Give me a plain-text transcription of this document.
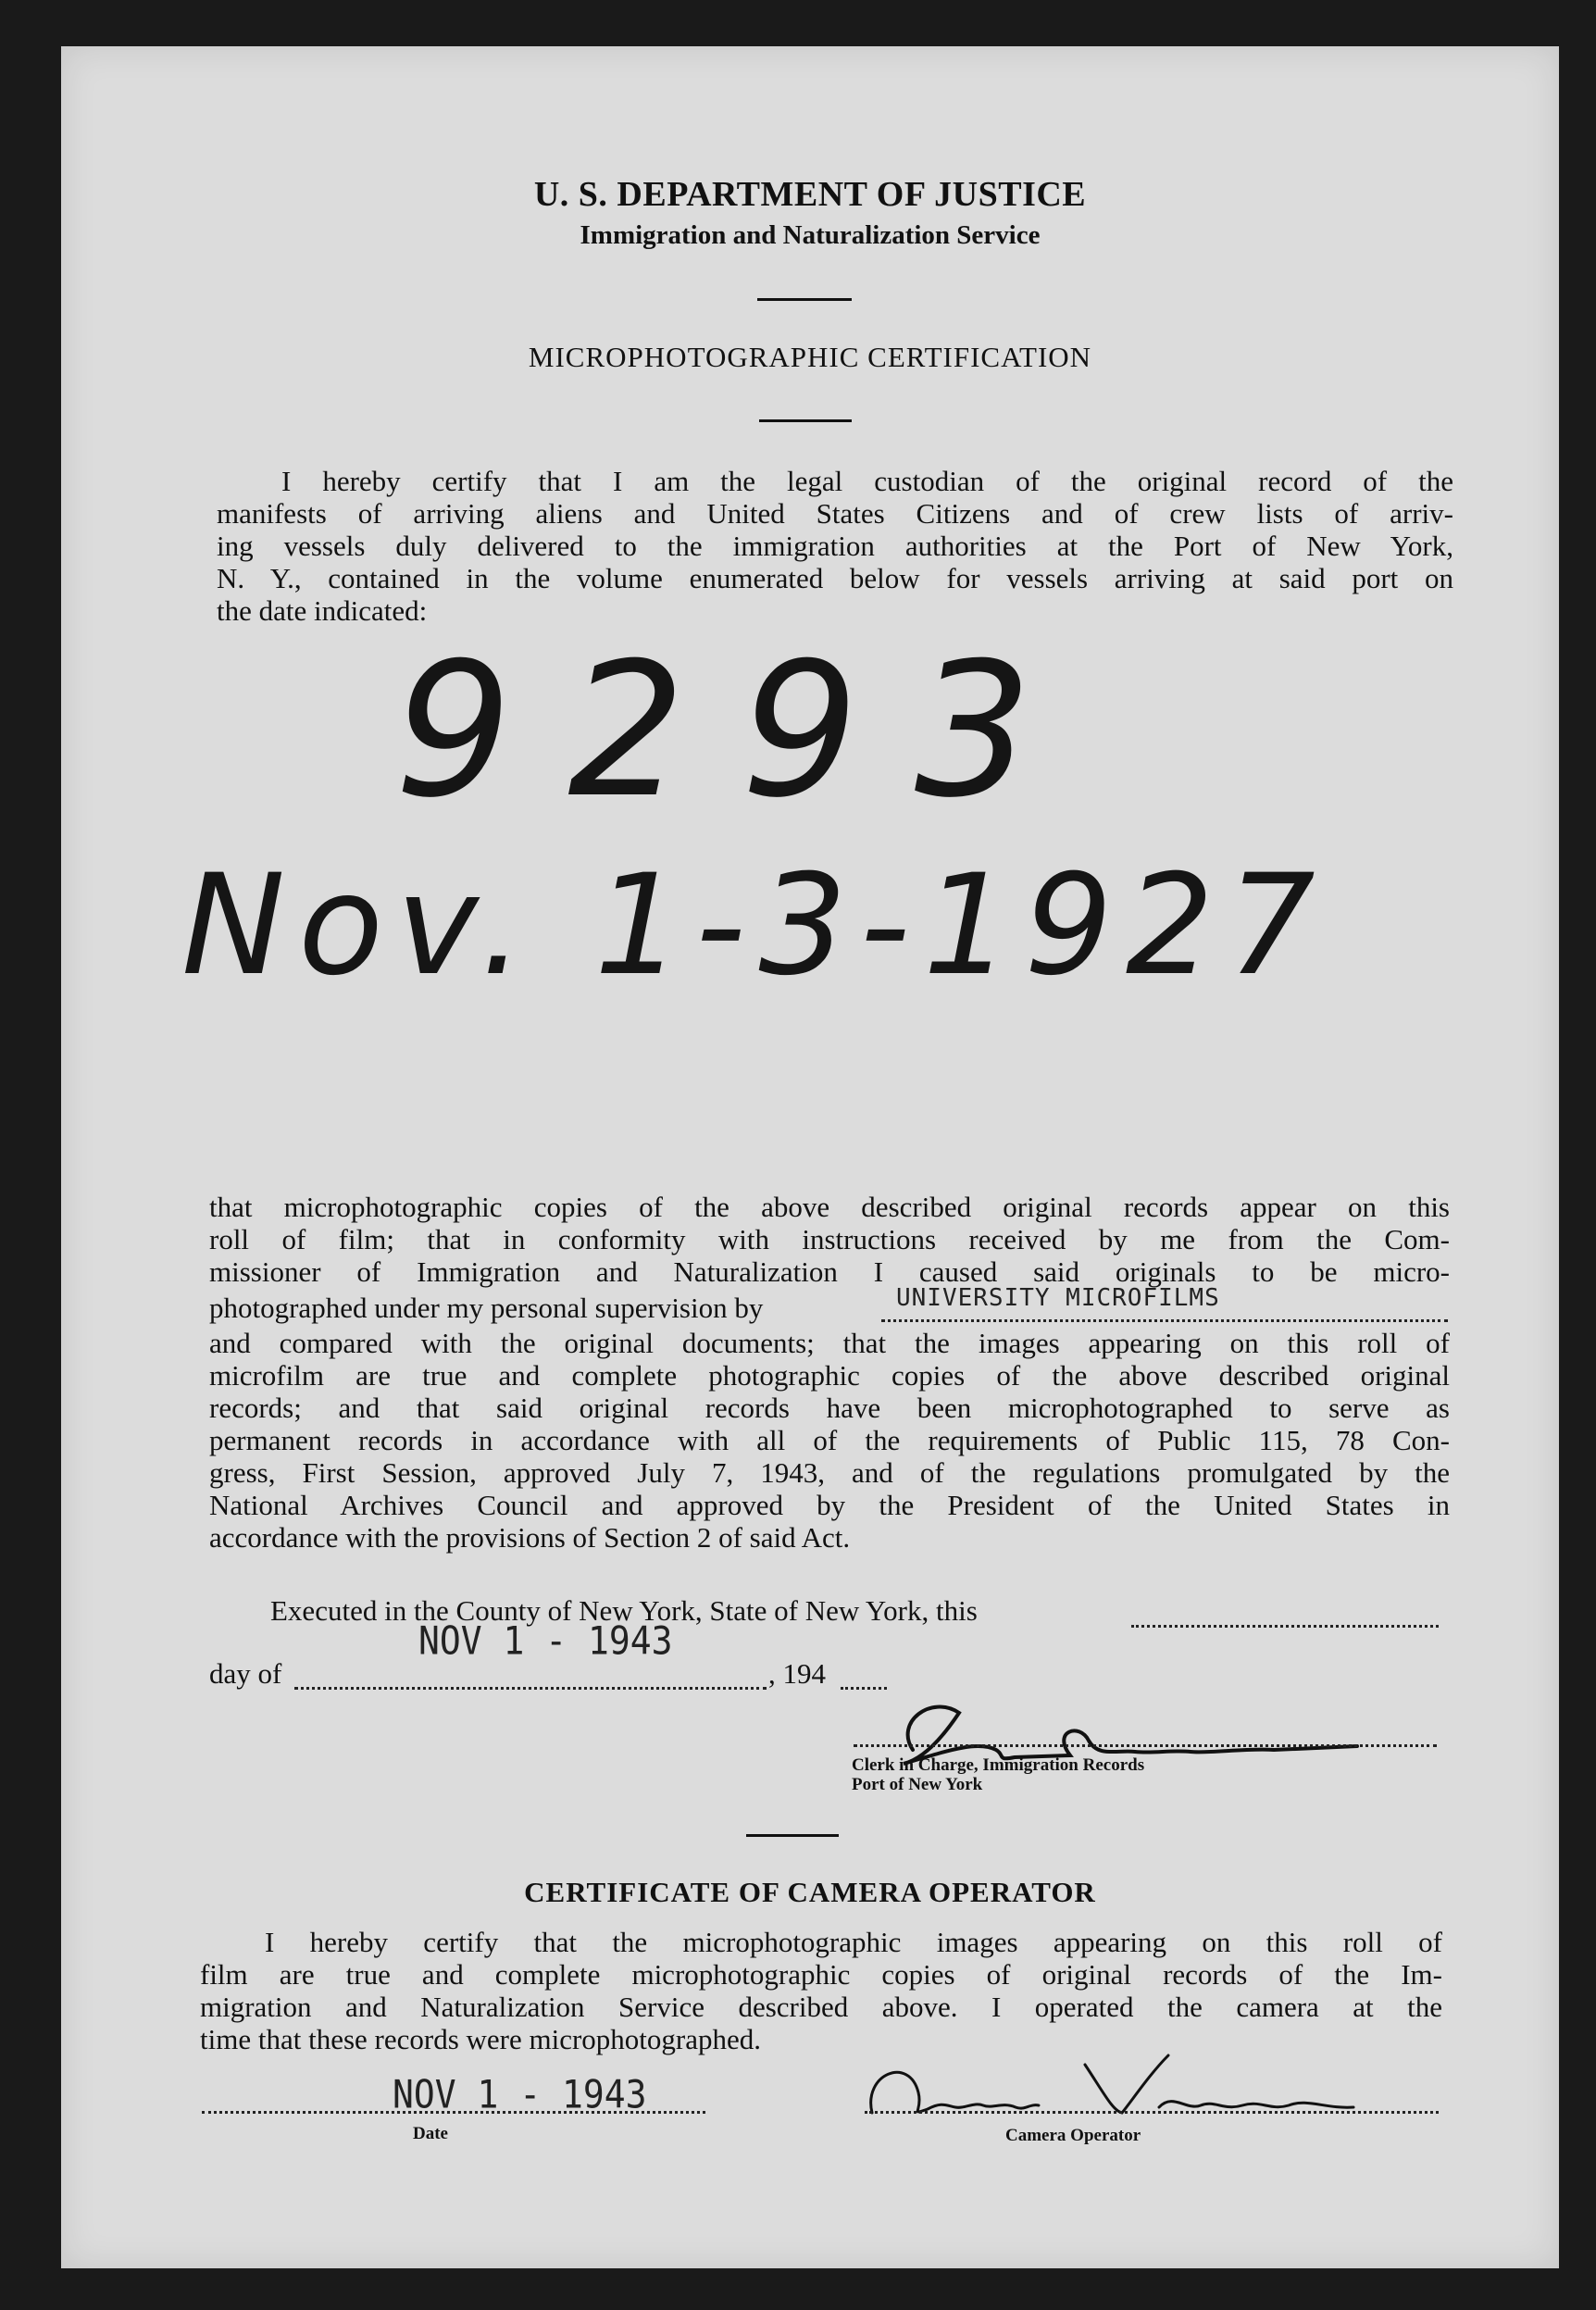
U. S. DEPARTMENT OF JUSTICE
Immigration and Naturalization Service
MICROPHOTOGRAPHIC CERTIFICATION
I hereby certify that I am the legal custodian of the original record of the
manifests of arriving aliens and United States Citizens and of crew lists of arriv-
ing vessels duly delivered to the immigration authorities at the Port of New York,
N. Y., contained in the volume enumerated below for vessels arriving at said port on
the date indicated:
9293
Nov. 1-3-1927
that microphotographic copies of the above described original records appear on this
roll of film; that in conformity with instructions received by me from the Com-
missioner of Immigration and Naturalization I caused said originals to be micro-
photographed under my personal supervision by	UNIVERSITY MICROFILMS
and compared with the original documents; that the images appearing on this roll of
microfilm are true and complete photographic copies of the above described original
records; and that said original records have been microphotographed to serve as
permanent records in accordance with all of the requirements of Public 115, 78 Con-
gress, First Session, approved July 7, 1943, and of the regulations promulgated by the
National Archives Council and approved by the President of the United States in
accordance with the provisions of Section 2 of said Act.
Executed in the County of New York, State of New York, this
day of
NOV 1 - 1943
, 194
Clerk in Charge, Immigration Records
Port of New York
CERTIFICATE OF CAMERA OPERATOR
I hereby certify that the microphotographic images appearing on this roll of
film are true and complete microphotographic copies of original records of the Im-
migration and Naturalization Service described above. I operated the camera at the
time that these records were microphotographed.
NOV 1 - 1943
Date	Camera Operator
